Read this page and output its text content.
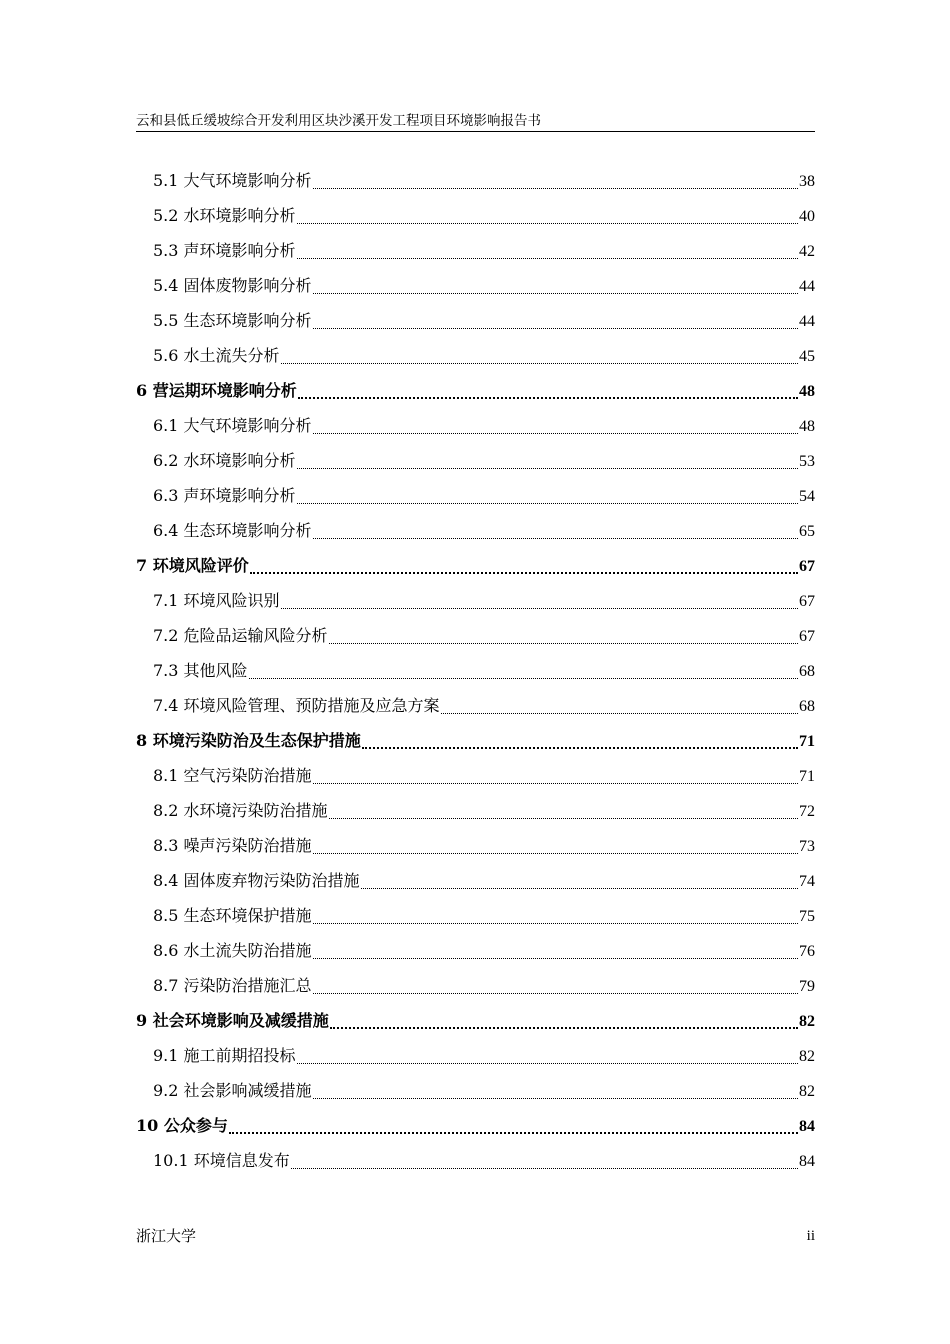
云和县低丘缓坡综合开发利用区块沙溪开发工程项目环境影响报告书
5.1 大气环境影响分析	38
5.2 水环境影响分析	40
5.3 声环境影响分析	42
5.4 固体废物影响分析	44
5.5 生态环境影响分析	44
5.6 水土流失分析	45
6 营运期环境影响分析	48
6.1 大气环境影响分析	48
6.2 水环境影响分析	53
6.3 声环境影响分析	54
6.4 生态环境影响分析	65
7 环境风险评价	67
7.1 环境风险识别	67
7.2 危险品运输风险分析	67
7.3 其他风险	68
7.4 环境风险管理、预防措施及应急方案	68
8 环境污染防治及生态保护措施	71
8.1 空气污染防治措施	71
8.2 水环境污染防治措施	72
8.3 噪声污染防治措施	73
8.4 固体废弃物污染防治措施	74
8.5 生态环境保护措施	75
8.6 水土流失防治措施	76
8.7 污染防治措施汇总	79
9 社会环境影响及减缓措施	82
9.1 施工前期招投标	82
9.2 社会影响减缓措施	82
10 公众参与	84
10.1 环境信息发布	84
浙江大学	ii
